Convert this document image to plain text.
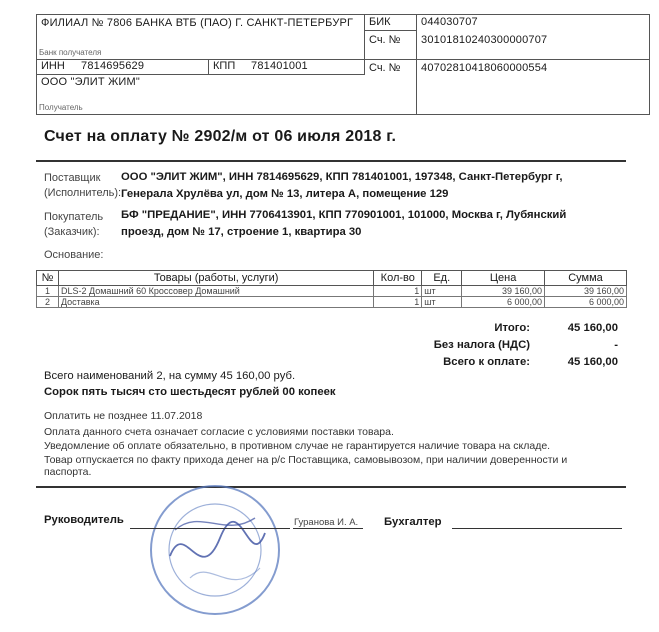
ФИЛИАЛ № 7806 БАНКА ВТБ (ПАО) Г. САНКТ-ПЕТЕРБУРГ
Банк получателя
БИК	044030707
Сч. № 30101810240300000707
ИНН 7814695629	КПП 781401001	Сч. № 40702810418060000554
ООО "ЭЛИТ ЖИМ"
Получатель
Счет на оплату № 2902/м от 06 июля 2018 г.
Поставщик
(Исполнитель):
ООО "ЭЛИТ ЖИМ", ИНН 7814695629, КПП 781401001, 197348, Санкт-Петербург г,
Генерала Хрулёва ул, дом № 13, литера А, помещение 129
Покупатель
(Заказчик):
БФ "ПРЕДАНИЕ", ИНН 7706413901, КПП 770901001, 101000, Москва г, Лубянский
проезд, дом № 17, строение 1, квартира 30
Основание:
№	Товары (работы, услуги)	Кол-во	Ед.	Цена	Сумма
1	DLS-2 Домашний 60 Кроссовер Домашний	1	шт	39 160,00	39 160,00
2	Доставка	1	шт	6 000,00	6 000,00
Итого:	45 160,00
Без налога (НДС)	-
Всего к оплате:	45 160,00
Всего наименований 2, на сумму 45 160,00 руб.
Сорок пять тысяч сто шестьдесят рублей 00 копеек
Оплатить не позднее 11.07.2018
Оплата данного счета означает согласие с условиями поставки товара.
Уведомление об оплате обязательно, в противном случае не гарантируется наличие товара на складе.
Товар отпускается по факту прихода денег на р/с Поставщика, самовывозом, при наличии доверенности и
паспорта.
Руководитель	Гуранова И. А. Бухгалтер
